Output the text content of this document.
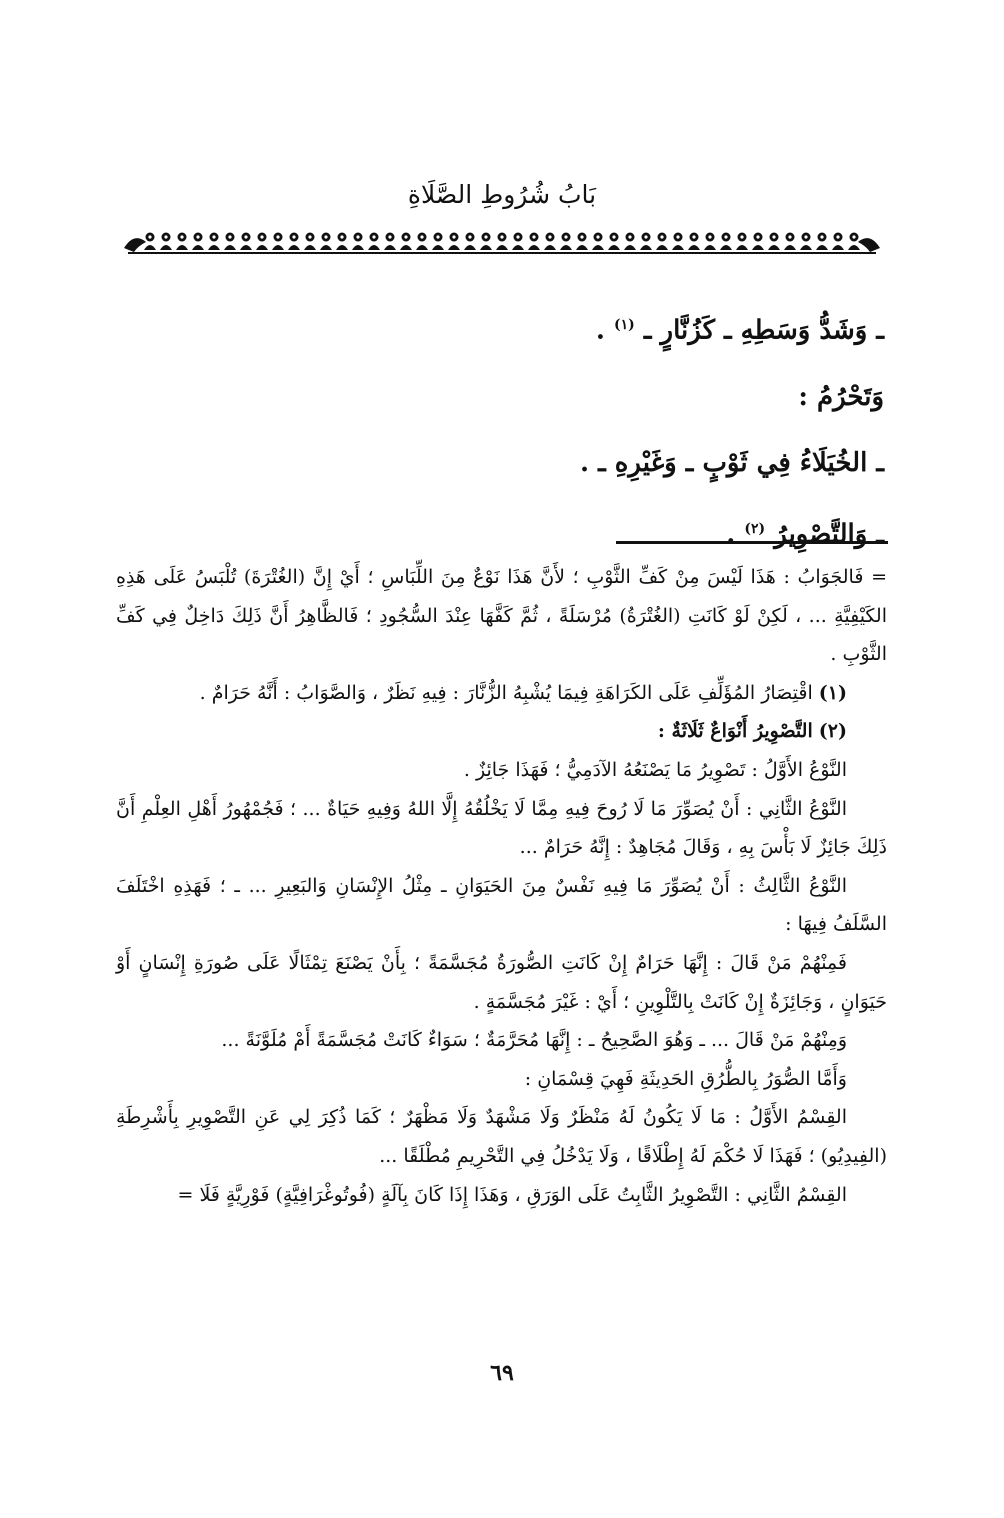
بَابُ شُرُوطِ الصَّلَاةِ
ـ وَشَدُّ وَسَطِهِ ـ كَزُنَّارٍ ـ $^{(١)}$ .
وَتَحْرُمُ :
ـ الخُيَلَاءُ فِي ثَوْبٍ ـ وَغَيْرِهِ ـ .
ـ وَالتَّصْوِيرُ $^{(٢)}$ .

= فَالجَوَابُ : هَذَا لَيْسَ مِنْ كَفِّ الثَّوْبِ ؛ لأَنَّ هَذَا نَوْعٌ مِنَ اللِّبَاسِ ؛ أَيْ إِنَّ (الغُتْرَةَ) تُلْبَسُ عَلَى هَذِهِ الكَيْفِيَّةِ ... ، لَكِنْ لَوْ كَانَتِ (الغُتْرَةُ) مُرْسَلَةً ، ثُمَّ كَفَّهَا عِنْدَ السُّجُودِ ؛ فَالظَّاهِرُ أَنَّ ذَلِكَ دَاخِلٌ فِي كَفِّ الثَّوْبِ .

(١) اقْتِصَارُ المُؤَلِّفِ عَلَى الكَرَاهَةِ فِيمَا يُشْبِهُ الزُّنَّارَ : فِيهِ نَظَرٌ ، وَالصَّوَابُ : أَنَّهُ حَرَامٌ .

(٢) التَّصْوِيرُ أَنْوَاعٌ ثَلَاثَةٌ :

النَّوْعُ الأَوَّلُ : تَصْوِيرُ مَا يَصْنَعُهُ الآدَمِيُّ ؛ فَهَذَا جَائِزٌ .

النَّوْعُ الثَّانِي : أَنْ يُصَوِّرَ مَا لَا رُوحَ فِيهِ مِمَّا لَا يَخْلُقُهُ إِلَّا اللهُ وَفِيهِ حَيَاةٌ ... ؛ فَجُمْهُورُ أَهْلِ العِلْمِ أَنَّ ذَلِكَ جَائِزٌ لَا بَأْسَ بِهِ ، وَقَالَ مُجَاهِدٌ : إِنَّهُ حَرَامٌ ...

النَّوْعُ الثَّالِثُ : أَنْ يُصَوِّرَ مَا فِيهِ نَفْسٌ مِنَ الحَيَوَانِ ـ مِثْلُ الإِنْسَانِ وَالبَعِيرِ ... ـ ؛ فَهَذِهِ اخْتَلَفَ السَّلَفُ فِيهَا :

فَمِنْهُمْ مَنْ قَالَ : إِنَّهَا حَرَامٌ إِنْ كَانَتِ الصُّورَةُ مُجَسَّمَةً ؛ بِأَنْ يَصْنَعَ تِمْثَالًا عَلَى صُورَةِ إِنْسَانٍ أَوْ حَيَوَانٍ ، وَجَائِزَةٌ إِنْ كَانَتْ بِالتَّلْوِينِ ؛ أَيْ : غَيْرَ مُجَسَّمَةٍ .

وَمِنْهُمْ مَنْ قَالَ ... ـ وَهُوَ الصَّحِيحُ ـ : إِنَّهَا مُحَرَّمَةٌ ؛ سَوَاءٌ كَانَتْ مُجَسَّمَةً أَمْ مُلَوَّنَةً ...

وَأَمَّا الصُّوَرُ بِالطُّرُقِ الحَدِيثَةِ فَهِيَ قِسْمَانِ :

القِسْمُ الأَوَّلُ : مَا لَا يَكُونُ لَهُ مَنْظَرٌ وَلَا مَشْهَدٌ وَلَا مَظْهَرٌ ؛ كَمَا ذُكِرَ لِي عَنِ التَّصْوِيرِ بِأَشْرِطَةِ (الفِيدِيُو) ؛ فَهَذَا لَا حُكْمَ لَهُ إِطْلَاقًا ، وَلَا يَدْخُلُ فِي التَّحْرِيمِ مُطْلَقًا ...

القِسْمُ الثَّانِي : التَّصْوِيرُ الثَّابِتُ عَلَى الوَرَقِ ، وَهَذَا إِذَا كَانَ بِآلَةٍ (فُوتُوغْرَافِيَّةٍ) فَوْرِيَّةٍ فَلَا =

٦٩
